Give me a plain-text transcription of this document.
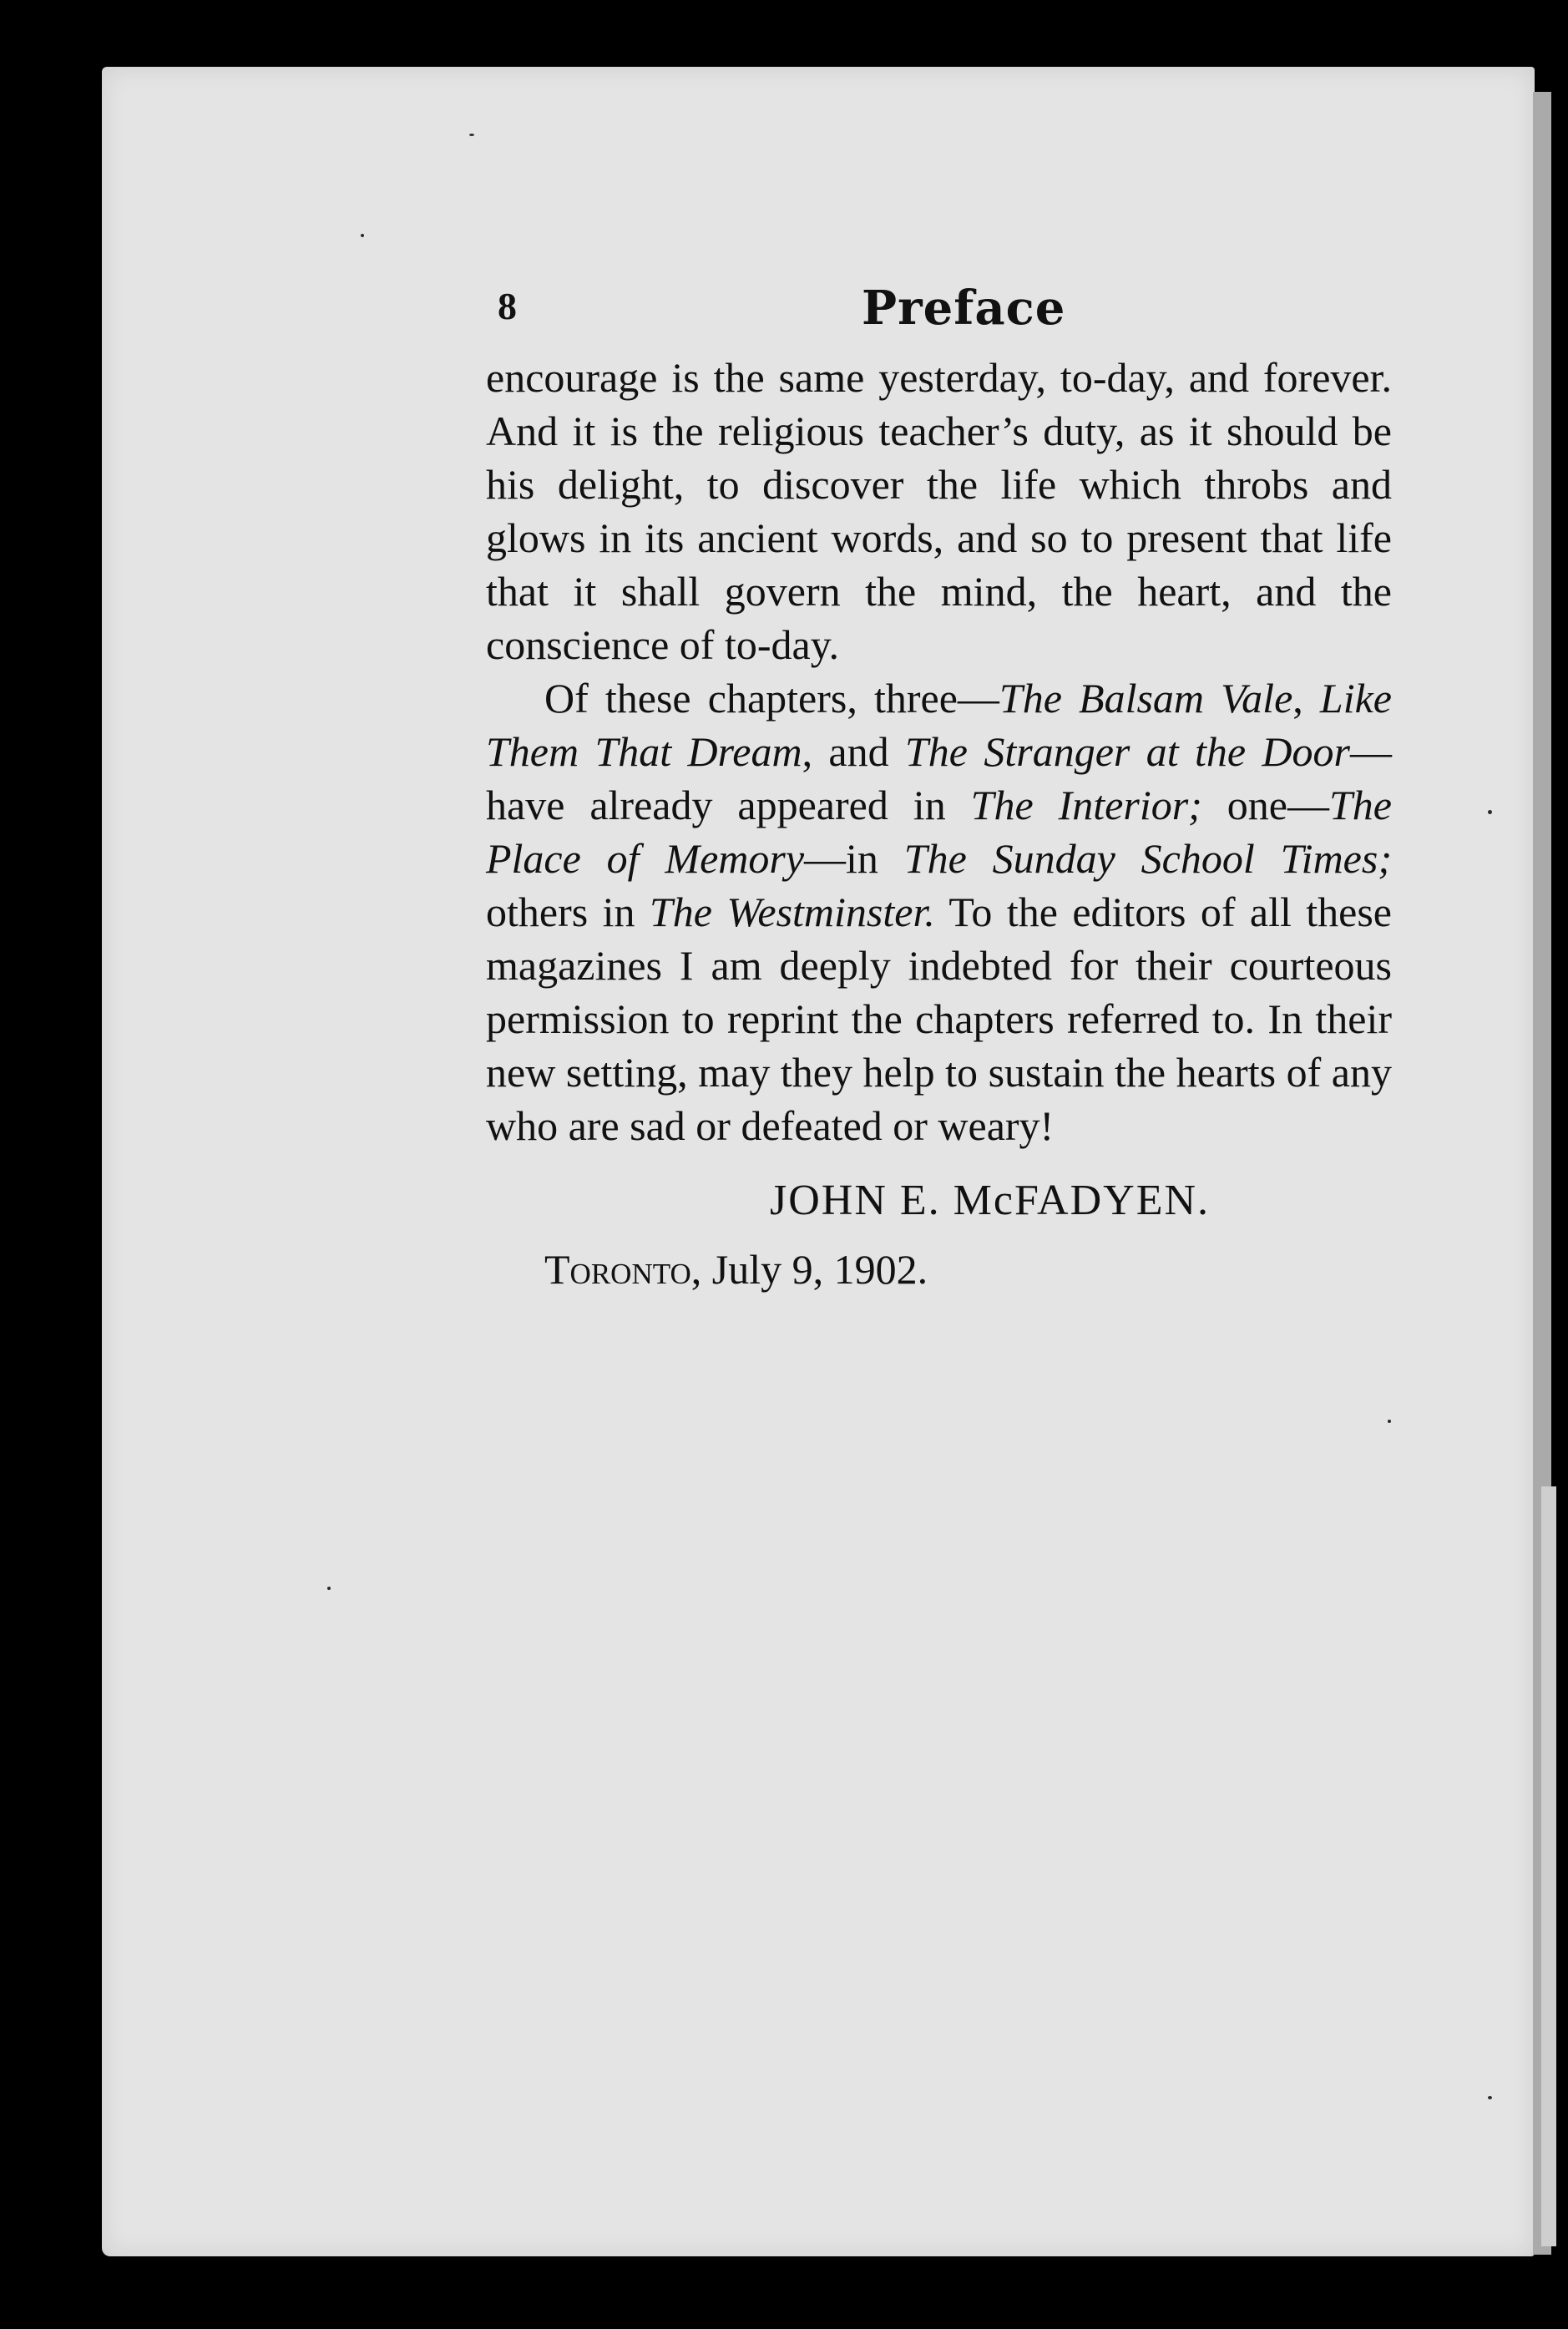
8	Preface

encourage is the same yesterday, to-day, and forever. And it is the religious teacher’s duty, as it should be his delight, to discover the life which throbs and glows in its ancient words, and so to present that life that it shall govern the mind, the heart, and the conscience of to-day.

Of these chapters, three—The Balsam Vale, Like Them That Dream, and The Stranger at the Door—have already appeared in The Interior; one—The Place of Memory—in The Sunday School Times; others in The Westminster. To the editors of all these magazines I am deeply indebted for their courteous permission to reprint the chapters referred to. In their new setting, may they help to sustain the hearts of any who are sad or defeated or weary!

JOHN E. McFADYEN.
Toronto, July 9, 1902.
